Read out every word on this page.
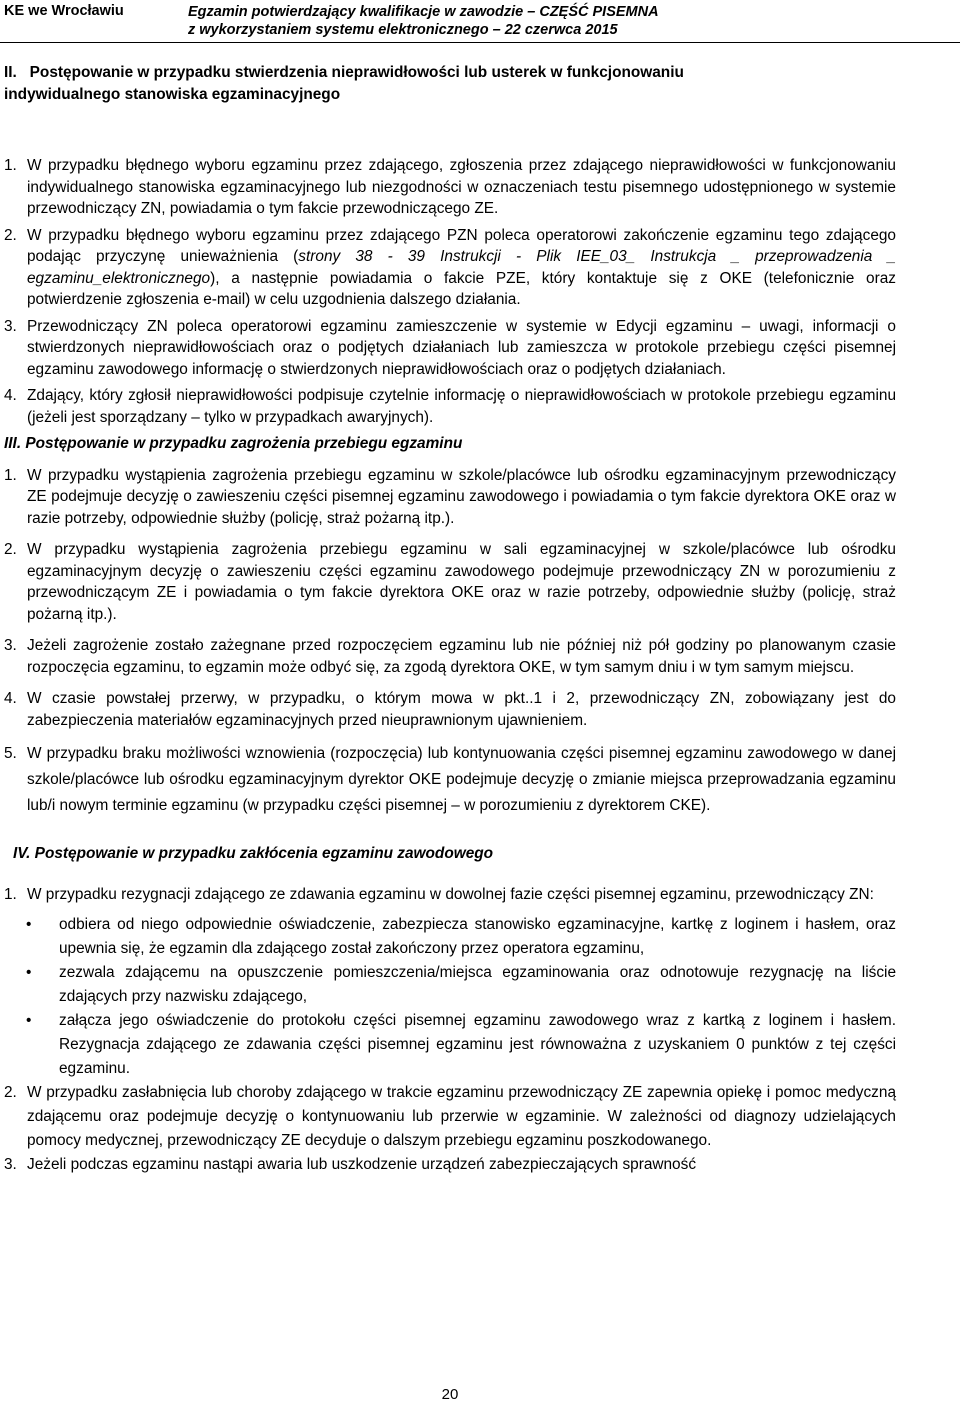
KE we Wrocławiu	Egzamin potwierdzający kwalifikacje w zawodzie – CZĘŚĆ PISEMNA
z wykorzystaniem systemu elektronicznego – 22 czerwca 2015
II.   Postępowanie w przypadku stwierdzenia nieprawidłowości lub usterek w funkcjonowaniu
indywidualnego stanowiska egzaminacyjnego
1. W przypadku błędnego wyboru egzaminu przez zdającego, zgłoszenia przez zdającego nieprawidłowości w funkcjonowaniu indywidualnego stanowiska egzaminacyjnego lub niezgodności w oznaczeniach testu pisemnego udostępnionego w systemie przewodniczący ZN, powiadamia o tym fakcie przewodniczącego ZE.
2. W przypadku błędnego wyboru egzaminu przez zdającego PZN poleca operatorowi zakończenie egzaminu tego zdającego podając przyczynę unieważnienia (strony 38 - 39 Instrukcji - Plik IEE_03_ Instrukcja _ przeprowadzenia _ egzaminu_elektronicznego), a następnie powiadamia o fakcie PZE, który kontaktuje się z OKE (telefonicznie oraz potwierdzenie zgłoszenia e-mail) w celu uzgodnienia dalszego działania.
3. Przewodniczący ZN poleca operatorowi egzaminu zamieszczenie w systemie w Edycji egzaminu – uwagi, informacji o stwierdzonych nieprawidłowościach oraz o podjętych działaniach lub zamieszcza w protokole przebiegu części pisemnej egzaminu zawodowego informację o stwierdzonych nieprawidłowościach oraz o podjętych działaniach.
4. Zdający, który zgłosił nieprawidłowości podpisuje czytelnie informację o nieprawidłowościach w protokole przebiegu egzaminu (jeżeli jest sporządzany – tylko w przypadkach awaryjnych).
III. Postępowanie w przypadku zagrożenia przebiegu egzaminu
1. W przypadku wystąpienia zagrożenia przebiegu egzaminu w szkole/placówce lub ośrodku egzaminacyjnym przewodniczący ZE podejmuje decyzję o zawieszeniu części pisemnej egzaminu zawodowego i powiadamia o tym fakcie dyrektora OKE oraz w razie potrzeby, odpowiednie służby (policję, straż pożarną itp.).
2. W przypadku wystąpienia zagrożenia przebiegu egzaminu w sali egzaminacyjnej w szkole/placówce lub ośrodku egzaminacyjnym decyzję o zawieszeniu części egzaminu zawodowego podejmuje przewodniczący ZN w porozumieniu z przewodniczącym ZE i powiadamia o tym fakcie dyrektora OKE oraz w razie potrzeby, odpowiednie służby (policję, straż pożarną itp.).
3. Jeżeli zagrożenie zostało zażegnane przed rozpoczęciem egzaminu lub nie później niż pół godziny po planowanym czasie rozpoczęcia egzaminu, to egzamin może odbyć się, za zgodą dyrektora OKE, w tym samym dniu i w tym samym miejscu.
4. W czasie powstałej przerwy, w przypadku, o którym mowa w pkt..1 i 2, przewodniczący ZN, zobowiązany jest do zabezpieczenia materiałów egzaminacyjnych przed nieuprawnionym ujawnieniem.
5. W przypadku braku możliwości wznowienia (rozpoczęcia) lub kontynuowania części pisemnej egzaminu zawodowego w danej szkole/placówce lub ośrodku egzaminacyjnym dyrektor OKE podejmuje decyzję o zmianie miejsca przeprowadzania egzaminu lub/i nowym terminie egzaminu (w przypadku części pisemnej – w porozumieniu z dyrektorem CKE).
IV. Postępowanie w przypadku zakłócenia egzaminu zawodowego
1. W przypadku rezygnacji zdającego ze zdawania egzaminu w dowolnej fazie części pisemnej egzaminu, przewodniczący ZN:
•	odbiera od niego odpowiednie oświadczenie, zabezpiecza stanowisko egzaminacyjne, kartkę z loginem i hasłem, oraz upewnia się, że egzamin dla zdającego został zakończony przez operatora egzaminu,
•	zezwala zdającemu na opuszczenie pomieszczenia/miejsca egzaminowania oraz odnotowuje rezygnację na liście zdających przy nazwisku zdającego,
•	załącza jego oświadczenie do protokołu części pisemnej egzaminu zawodowego wraz z kartką z loginem i hasłem. Rezygnacja zdającego ze zdawania części pisemnej egzaminu jest równoważna z uzyskaniem 0 punktów z tej części egzaminu.
2. W przypadku zasłabnięcia lub choroby zdającego w trakcie egzaminu przewodniczący ZE zapewnia opiekę i pomoc medyczną zdającemu oraz podejmuje decyzję o kontynuowaniu lub przerwie w egzaminie. W zależności od diagnozy udzielających pomocy medycznej, przewodniczący ZE decyduje o dalszym przebiegu egzaminu poszkodowanego.
3. Jeżeli podczas egzaminu nastąpi awaria lub uszkodzenie urządzeń zabezpieczających sprawność
20
